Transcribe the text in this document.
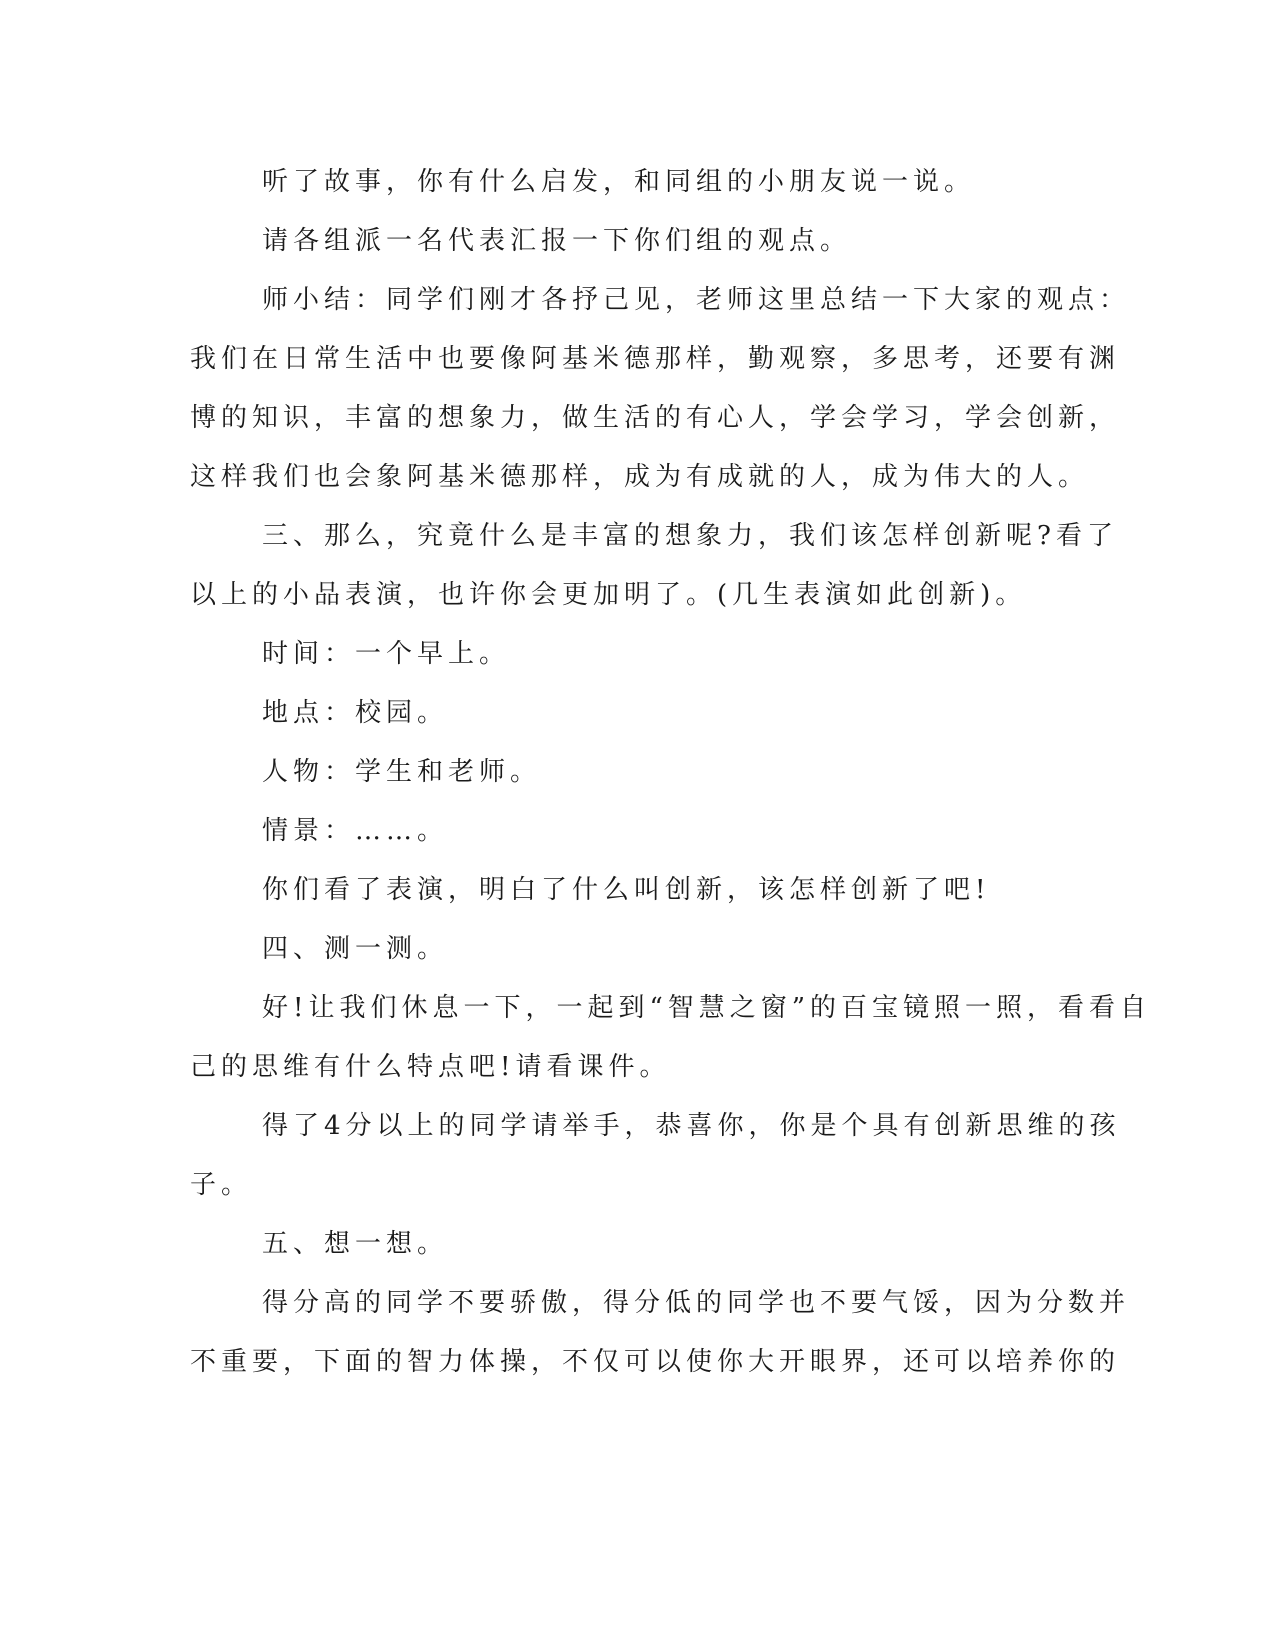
听了故事，你有什么启发，和同组的小朋友说一说。
请各组派一名代表汇报一下你们组的观点。
师小结：同学们刚才各抒己见，老师这里总结一下大家的观点：
我们在日常生活中也要像阿基米德那样，勤观察，多思考，还要有渊
博的知识，丰富的想象力，做生活的有心人，学会学习，学会创新，
这样我们也会象阿基米德那样，成为有成就的人，成为伟大的人。
三、那么，究竟什么是丰富的想象力，我们该怎样创新呢?看了
以上的小品表演，也许你会更加明了。(几生表演如此创新)。
时间：一个早上。
地点：校园。
人物：学生和老师。
情景：……。
你们看了表演，明白了什么叫创新，该怎样创新了吧!
四、测一测。
好!让我们休息一下，一起到“智慧之窗”的百宝镜照一照，看看自
己的思维有什么特点吧!请看课件。
得了4分以上的同学请举手，恭喜你，你是个具有创新思维的孩
子。
五、想一想。
得分高的同学不要骄傲，得分低的同学也不要气馁，因为分数并
不重要，下面的智力体操，不仅可以使你大开眼界，还可以培养你的
